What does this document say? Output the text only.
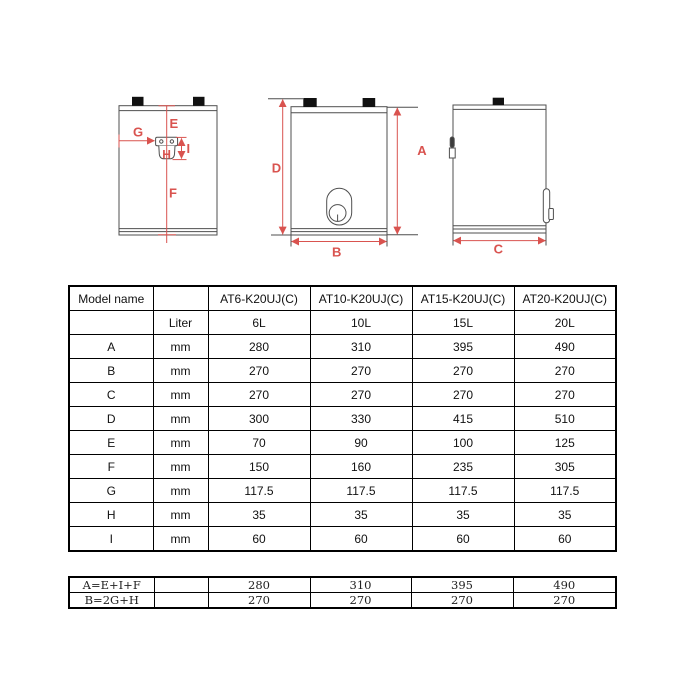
E
G
H I
F
D
A
B	C
Model name		AT6-K20UJ(C)	AT10-K20UJ(C)	AT15-K20UJ(C)	AT20-K20UJ(C)
	Liter	6L	10L	15L	20L
A	mm	280	310	395	490
B	mm	270	270	270	270
C	mm	270	270	270	270
D	mm	300	330	415	510
E	mm	70	90	100	125
F	mm	150	160	235	305
G	mm	117.5	117.5	117.5	117.5
H	mm	35	35	35	35
I	mm	60	60	60	60
A=E+I+F		280	310	395	490
B=2G+H		270	270	270	270
